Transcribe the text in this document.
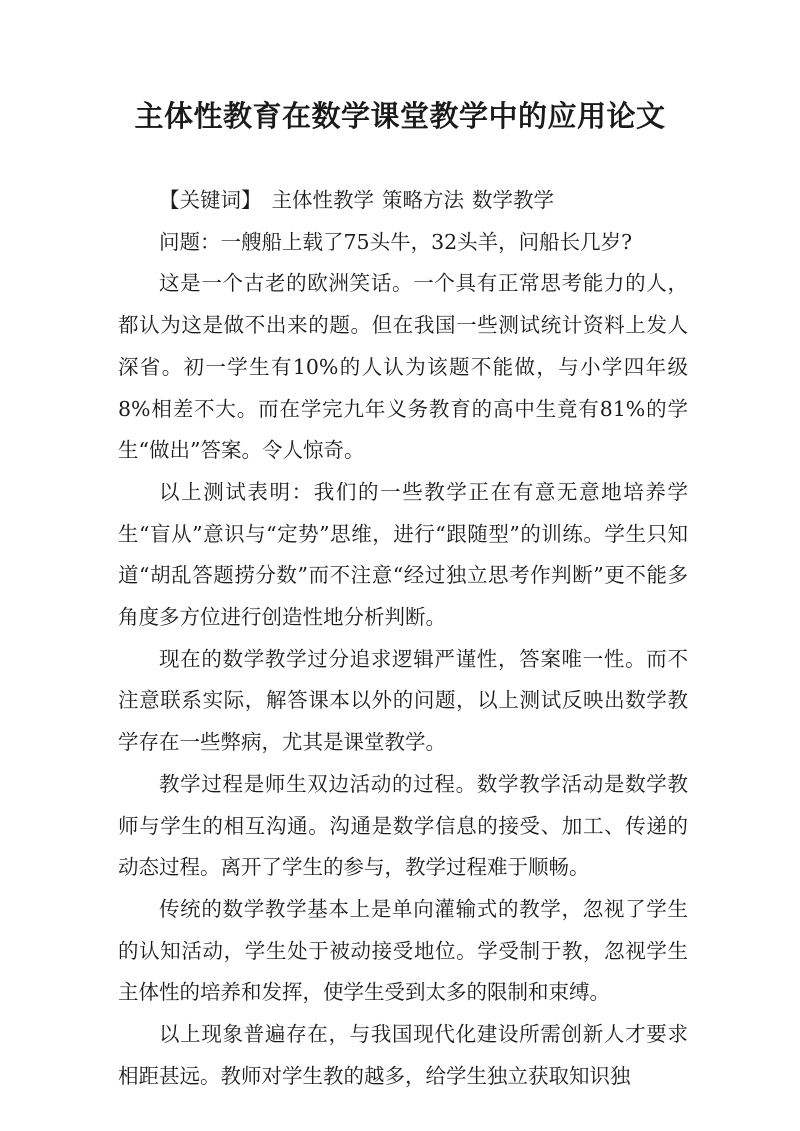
主体性教育在数学课堂教学中的应用论文

【关键词】 主体性教学 策略方法 数学教学

问题：一艘船上载了75头牛，32头羊，问船长几岁?

这是一个古老的欧洲笑话。一个具有正常思考能力的人，都认为这是做不出来的题。但在我国一些测试统计资料上发人深省。初一学生有10%的人认为该题不能做，与小学四年级8%相差不大。而在学完九年义务教育的高中生竟有81%的学生“做出”答案。令人惊奇。

以上测试表明：我们的一些教学正在有意无意地培养学生“盲从”意识与“定势”思维，进行“跟随型”的训练。学生只知道“胡乱答题捞分数”而不注意“经过独立思考作判断”更不能多角度多方位进行创造性地分析判断。

现在的数学教学过分追求逻辑严谨性，答案唯一性。而不注意联系实际，解答课本以外的问题，以上测试反映出数学教学存在一些弊病，尤其是课堂教学。

教学过程是师生双边活动的过程。数学教学活动是数学教师与学生的相互沟通。沟通是数学信息的接受、加工、传递的动态过程。离开了学生的参与，教学过程难于顺畅。

传统的数学教学基本上是单向灌输式的教学，忽视了学生的认知活动，学生处于被动接受地位。学受制于教，忽视学生主体性的培养和发挥，使学生受到太多的限制和束缚。

以上现象普遍存在，与我国现代化建设所需创新人才要求相距甚远。教师对学生教的越多，给学生独立获取知识独
